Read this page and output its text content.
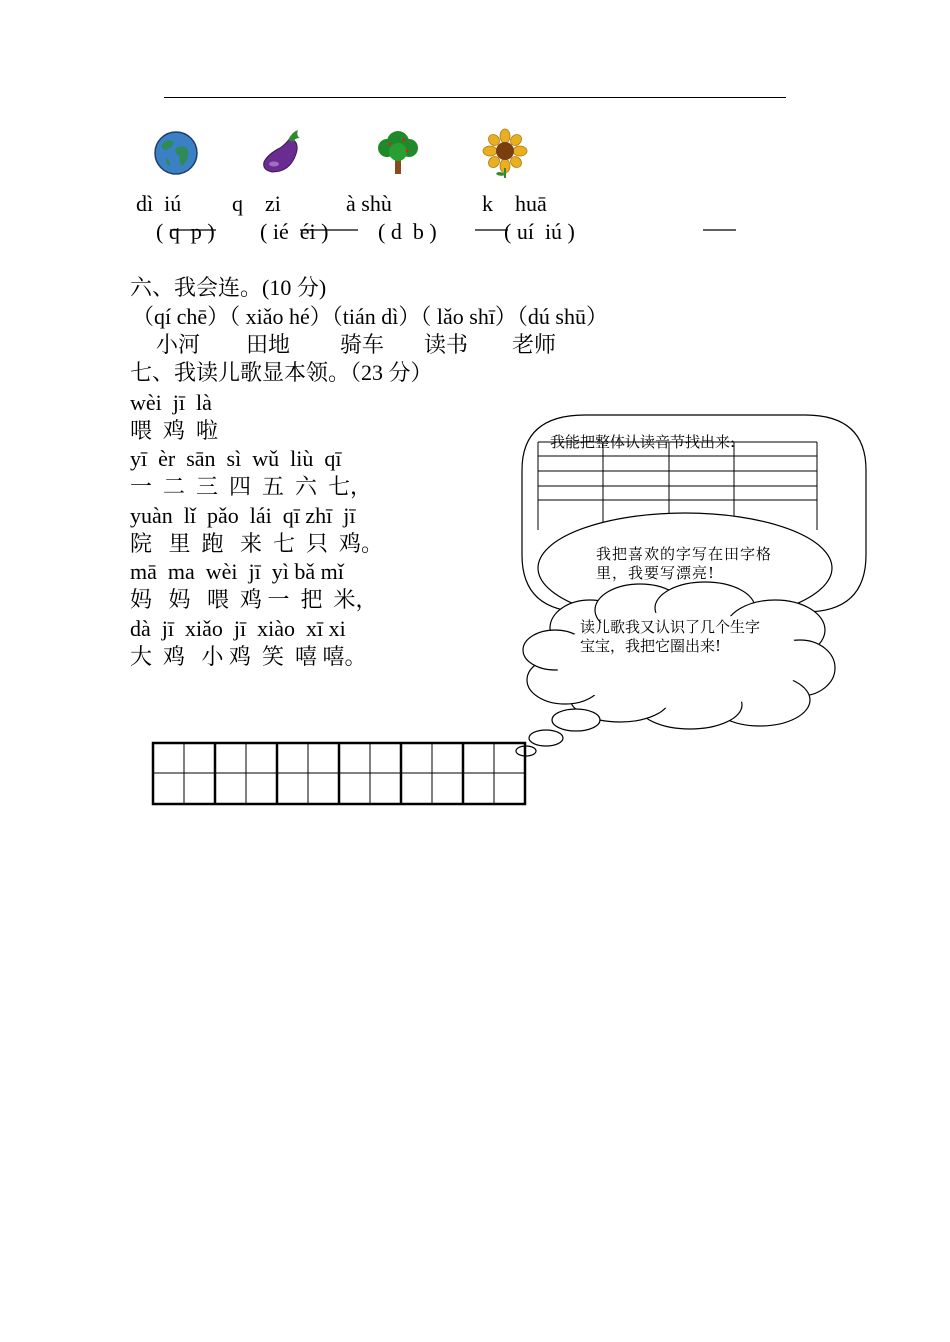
dì  iú q    zi	à shù	k    huā
( q  p ) ( ié  éi ) ( d  b )	( uí  iú )
六、我会连。(10 分)
（qí chē）（ xiǎo hé）（tián dì）（ lǎo shī）（dú shū）
小河 田地 骑车 读书 老师
七、我读儿歌显本领。（23 分）
wèi  jī  là
喂  鸡  啦
yī  èr  sān  sì  wǔ  liù  qī
一  二  三  四  五  六  七，
yuàn  lǐ  pǎo  lái  qī zhī  jī
院   里  跑   来  七  只  鸡。
mā  ma  wèi  jī  yì bǎ mǐ
妈   妈   喂  鸡 一  把  米，
dà  jī  xiǎo  jī  xiào  xī xi
大  鸡   小 鸡  笑  嘻 嘻。
我能把整体认读音节找出来:
我把喜欢的字写在田字格里，我要写漂亮!
读儿歌我又认识了几个生字宝宝，我把它圈出来!
